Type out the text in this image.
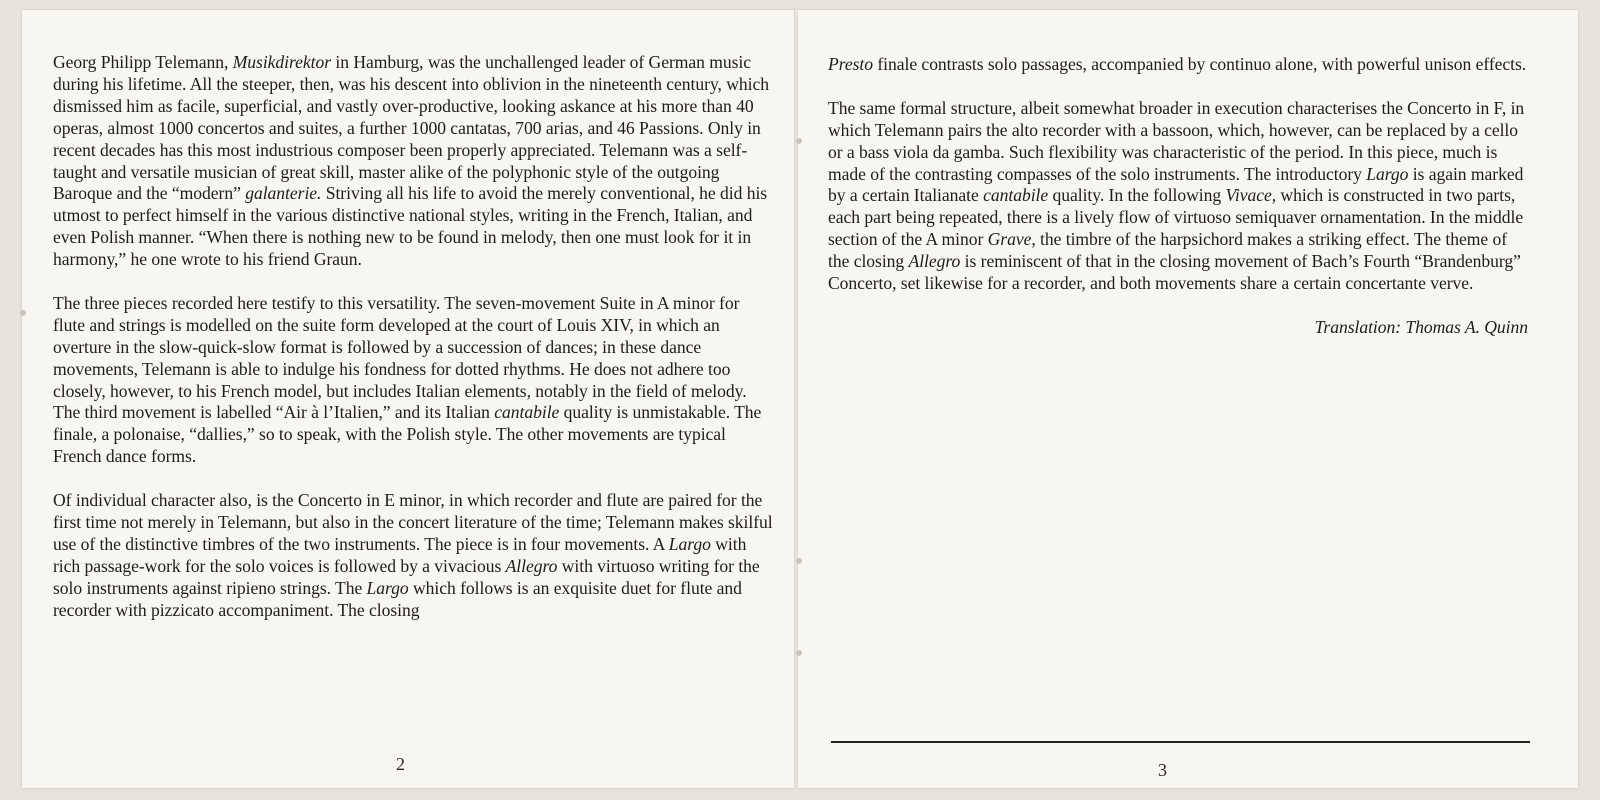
Georg Philipp Telemann, Musikdirektor in Hamburg, was the unchallenged leader of German music during his lifetime. All the steeper, then, was his descent into oblivion in the nineteenth century, which dismissed him as facile, superficial, and vastly over-productive, looking askance at his more than 40 operas, almost 1000 concertos and suites, a further 1000 cantatas, 700 arias, and 46 Passions. Only in recent decades has this most industrious composer been properly appreciated. Telemann was a self-taught and versatile musician of great skill, master alike of the polyphonic style of the outgoing Baroque and the “modern” galanterie. Striving all his life to avoid the merely conventional, he did his utmost to perfect himself in the various distinctive national styles, writing in the French, Italian, and even Polish manner. “When there is nothing new to be found in melody, then one must look for it in harmony,” he one wrote to his friend Graun.

The three pieces recorded here testify to this versatility. The seven-movement Suite in A minor for flute and strings is modelled on the suite form developed at the court of Louis XIV, in which an overture in the slow-quick-slow format is followed by a succession of dances; in these dance movements, Telemann is able to indulge his fondness for dotted rhythms. He does not adhere too closely, however, to his French model, but includes Italian elements, notably in the field of melody. The third movement is labelled “Air à l’Italien,” and its Italian cantabile quality is unmistakable. The finale, a polonaise, “dallies,” so to speak, with the Polish style. The other movements are typical French dance forms.

Of individual character also, is the Concerto in E minor, in which recorder and flute are paired for the first time not merely in Telemann, but also in the concert literature of the time; Telemann makes skilful use of the distinctive timbres of the two instruments. The piece is in four movements. A Largo with rich passage-work for the solo voices is followed by a vivacious Allegro with virtuoso writing for the solo instruments against ripieno strings. The Largo which follows is an exquisite duet for flute and recorder with pizzicato accompaniment. The closing

2

Presto finale contrasts solo passages, accompanied by continuo alone, with powerful unison effects.

The same formal structure, albeit somewhat broader in execution characterises the Concerto in F, in which Telemann pairs the alto recorder with a bassoon, which, however, can be replaced by a cello or a bass viola da gamba. Such flexibility was characteristic of the period. In this piece, much is made of the contrasting compasses of the solo instruments. The introductory Largo is again marked by a certain Italianate cantabile quality. In the following Vivace, which is constructed in two parts, each part being repeated, there is a lively flow of virtuoso semiquaver ornamentation. In the middle section of the A minor Grave, the timbre of the harpsichord makes a striking effect. The theme of the closing Allegro is reminiscent of that in the closing movement of Bach’s Fourth “Brandenburg” Concerto, set likewise for a recorder, and both movements share a certain concertante verve.

Translation: Thomas A. Quinn

3
